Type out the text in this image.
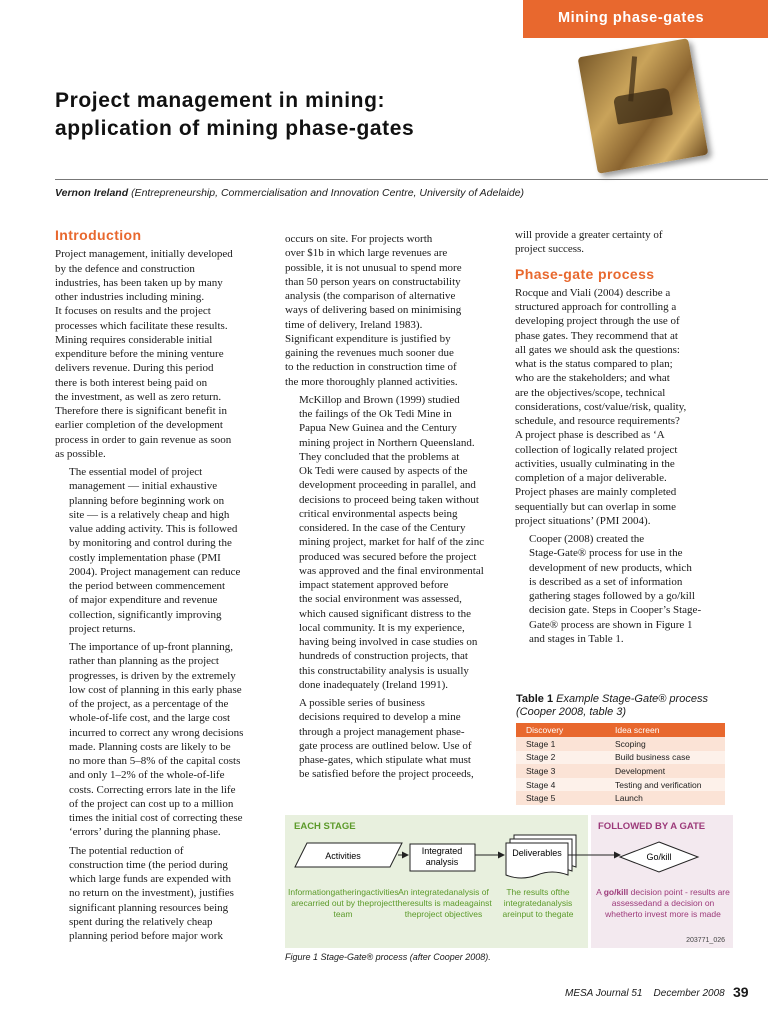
Mining phase-gates
Project management in mining:
application of mining phase-gates
Vernon Ireland (Entrepreneurship, Commercialisation and Innovation Centre, University of Adelaide)
Introduction

Project management, initially developed
by the defence and construction
industries, has been taken up by many
other industries including mining.
It focuses on results and the project
processes which facilitate these results.
Mining requires considerable initial
expenditure before the mining venture
delivers revenue. During this period
there is both interest being paid on
the investment, as well as zero return.
Therefore there is significant benefit in
earlier completion of the development
process in order to gain revenue as soon
as possible.

The essential model of project
management — initial exhaustive
planning before beginning work on
site — is a relatively cheap and high
value adding activity. This is followed
by monitoring and control during the
costly implementation phase (PMI
2004). Project management can reduce
the period between commencement
of major expenditure and revenue
collection, significantly improving
project returns.

The importance of up-front planning,
rather than planning as the project
progresses, is driven by the extremely
low cost of planning in this early phase
of the project, as a percentage of the
whole-of-life cost, and the large cost
incurred to correct any wrong decisions
made. Planning costs are likely to be
no more than 5–8% of the capital costs
and only 1–2% of the whole-of-life
costs. Correcting errors late in the life
of the project can cost up to a million
times the initial cost of correcting these
‘errors’ during the planning phase.

The potential reduction of
construction time (the period during
which large funds are expended with
no return on the investment), justifies
significant planning resources being
spent during the relatively cheap
planning period before major work

occurs on site. For projects worth
over $1b in which large revenues are
possible, it is not unusual to spend more
than 50 person years on constructability
analysis (the comparison of alternative
ways of delivering based on minimising
time of delivery, Ireland 1983).
Significant expenditure is justified by
gaining the revenues much sooner due
to the reduction in construction time of
the more thoroughly planned activities.

McKillop and Brown (1999) studied
the failings of the Ok Tedi Mine in
Papua New Guinea and the Century
mining project in Northern Queensland.
They concluded that the problems at
Ok Tedi were caused by aspects of the
development proceeding in parallel, and
decisions to proceed being taken without
critical environmental aspects being
considered. In the case of the Century
mining project, market for half of the zinc
produced was secured before the project
was approved and the final environmental
impact statement approved before
the social environment was assessed,
which caused significant distress to the
local community. It is my experience,
having being involved in case studies on
hundreds of construction projects, that
this constructability analysis is usually
done inadequately (Ireland 1991).

A possible series of business
decisions required to develop a mine
through a project management phase-
gate process are outlined below. Use of
phase-gates, which stipulate what must
be satisfied before the project proceeds,

will provide a greater certainty of
project success.

Phase-gate process

Rocque and Viali (2004) describe a
structured approach for controlling a
developing project through the use of
phase gates. They recommend that at
all gates we should ask the questions:
what is the status compared to plan;
who are the stakeholders; and what
are the objectives/scope, technical
considerations, cost/value/risk, quality,
schedule, and resource requirements?
A project phase is described as ‘A
collection of logically related project
activities, usually culminating in the
completion of a major deliverable.
Project phases are mainly completed
sequentially but can overlap in some
project situations’ (PMI 2004).

Cooper (2008) created the
Stage-Gate® process for use in the
development of new products, which
is described as a set of information
gathering stages followed by a go/kill
decision gate. Steps in Cooper’s Stage-
Gate® process are shown in Figure 1
and stages in Table 1.

Table 1 Example Stage-Gate® process
(Cooper 2008, table 3)
Discovery	Idea screen
Stage 1	Scoping
Stage 2	Build business case
Stage 3	Development
Stage 4	Testing and verification
Stage 5	Launch
EACH STAGE	FOLLOWED BY A GATE
Activities	Integrated
analysis
Deliverables	Go/kill
Informationgatheringactivities arecarried out by theproject team
An integratedanalysis of theresults is madeagainst theproject objectives
The results ofthe integratedanalysis areinput to thegate
A go/kill decision point - results are assessedand a decision on whetherto invest more is made
203771_026
Figure 1 Stage-Gate® process (after Cooper 2008).
MESA Journal 51    December 2008 39
